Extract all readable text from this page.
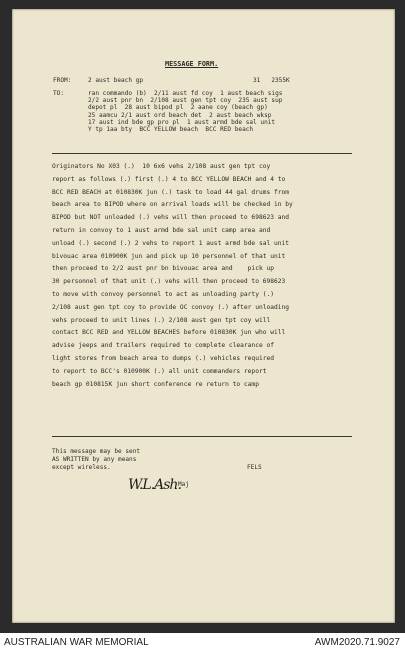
MESSAGE FORM.
FROM:	2 aust beach gp	31   2355K
TO:	ran commando (b)  2/11 aust fd coy  1 aust beach sigs
2/2 aust pnr bn  2/108 aust gen tpt coy  235 aust sup
depot pl  28 aust bipod pl  2 aane coy (beach gp)
25 aamcu 2/1 aust ord beach det  2 aust beach wksp
17 aust ind bde gp pro pl  1 aust armd bde sal unit
Y tp 1aa bty  BCC YELLOW beach  BCC RED beach
Originators No X03 (.)  10 6x6 vehs 2/108 aust gen tpt coy
report as follows (.) first (.) 4 to BCC YELLOW BEACH and 4 to
BCC RED BEACH at 010830K jun (.) task to load 44 gal drums from
beach area to BIPOD where on arrival loads will be checked in by
BIPOD but NOT unloaded (.) vehs will then proceed to 698623 and
return in convoy to 1 aust armd bde sal unit camp area and
unload (.) second (.) 2 vehs to report 1 aust armd bde sal unit
bivouac area 010900K jun and pick up 10 personnel of that unit
then proceed to 2/2 aust pnr bn bivouac area and    pick up
30 personnel of that unit (.) vehs will then proceed to 698623
to move with convoy personnel to act as unloading party (.)
2/108 aust gen tpt coy to provide OC convoy (.) after unloading
vehs proceed to unit lines (.) 2/108 aust gen tpt coy will
contact BCC RED and YELLOW BEACHES before 010830K jun who will
advise jeeps and trailers required to complete clearance of
light stores from beach area to dumps (.) vehicles required
to report to BCC's 010900K (.) all unit commanders report
beach gp 010815K jun short conference re return to camp
This message may be sent
AS WRITTEN by any means
except wireless.	FELS
W.L.Ash.
Maj
AUSTRALIAN WAR MEMORIAL	AWM2020.71.9027
